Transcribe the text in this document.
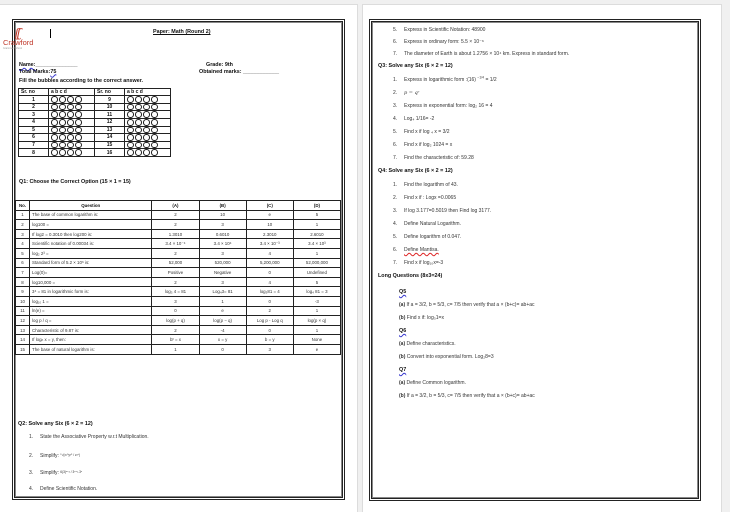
ʗʗ
Crawford
Grammar School
Paper: Math (Round 2)
Name:______________
Total Marks:75
Grade: 9th
Obtained marks: ____________
Fill the bubbles according to the correct answer.
Sr. no	a b c d	Sr. no	a b c d
1		9	
2		10	
3		11	
4		12	
5		13	
6		14	
7		15	
8		16	
Q1: Choose the Correct Option (15 × 1 = 15)
No.	Question	(A)	(B)	(C)	(D)
1	The base of common logarithm is:	2	10	e	5
2	log100 =	2	3	10	1
3	If log2 = 0.3010 then log200 is:	1.3010	0.6010	2.3010	2.6010
4	Scientific notation of 0.00034 is:	3.4 × 10⁻⁴	3.4 × 10⁴	3.4 × 10⁻³	3.4 × 10³
5	log₂ 2³ =	2	3	4	1
6	Standard form of 5.2 × 10⁶ is:	52,000	520,000	5,200,000	52,000,000
7	Log(0)=	Positive	Negative	0	Undefined
8	log10,000 =	2	3	4	5
9	3⁴ = 81 in logarithmic form is:	log₃ 4 = 81	Log₄3= 81	log₃81 = 4	log₄ 81 = 3
10	log₁₀ 1 =	3	1	0	-3
11	ln(e) =	0	e	2	1
12	log p / q =	log(p + q)	log(p − q)	Log p - Log q	log(p × q)
13	Characteristic of 9.87 is:	2	-4	0	1
14	If logₙ x = y, then:	bʸ = x	x = y	b = y	None
15	The base of natural logarithm is:	1	0	3	e
Q2: Solve any Six (6 × 2 = 12)
1. State the Associative Property w.r.t Multiplication.
2. Simplify: ⁵√(x¹⁵y³⁵ / z²⁰)
3. Simplify: 6(3)ⁿ⁺² / 3ⁿ⁺¹.3ⁿ
4. Define Scientific Notation.
5. Express in Scientific Notation: 48900
6. Express in ordinary form: 5.5 × 10⁻⁶
7. The diameter of Earth is about 1.2756 × 10⁴ km. Express in standard form.
Q3: Solve any Six (6 × 2 = 12)
1. Express in logarithmic form :(16) $^{-1/4}$ = 1/2
2. p = qʳ
3. Express in exponential form: log₂ 16 = 4
4. Log₄ 1/16= -2
5. Find x if log ₄ x = 3/2
6. Find x if log₂ 1024 = x
7. Find the characteristic of: 59.28
Q4: Solve any Six (6 × 2 = 12)
1. Find the logarithm of 43.
2. Find x if : Logx =0.0065
3. If log 3.177=0.5019 then Find log 3177.
4. Define Natural Logarithm.
5. Define logarithm of 0.047.
6. Define Mantisa.
7. Find x if log₁₀x=-3
Long Questions (8x3=24)
Q5
(a) If a = 3/2, b = 5/3, c= 7/5 then verify that a × (b+c)= ab+ac
(b) Find x if: log₃1=x
Q6
(a) Define characteristics.
(b) Convert into exponential form. Log₂8=3
Q7
(a) Define Common logarithm.
(b) If a = 3/2, b = 5/3, c= 7/5 then verify that a × (b+c)= ab+ac
